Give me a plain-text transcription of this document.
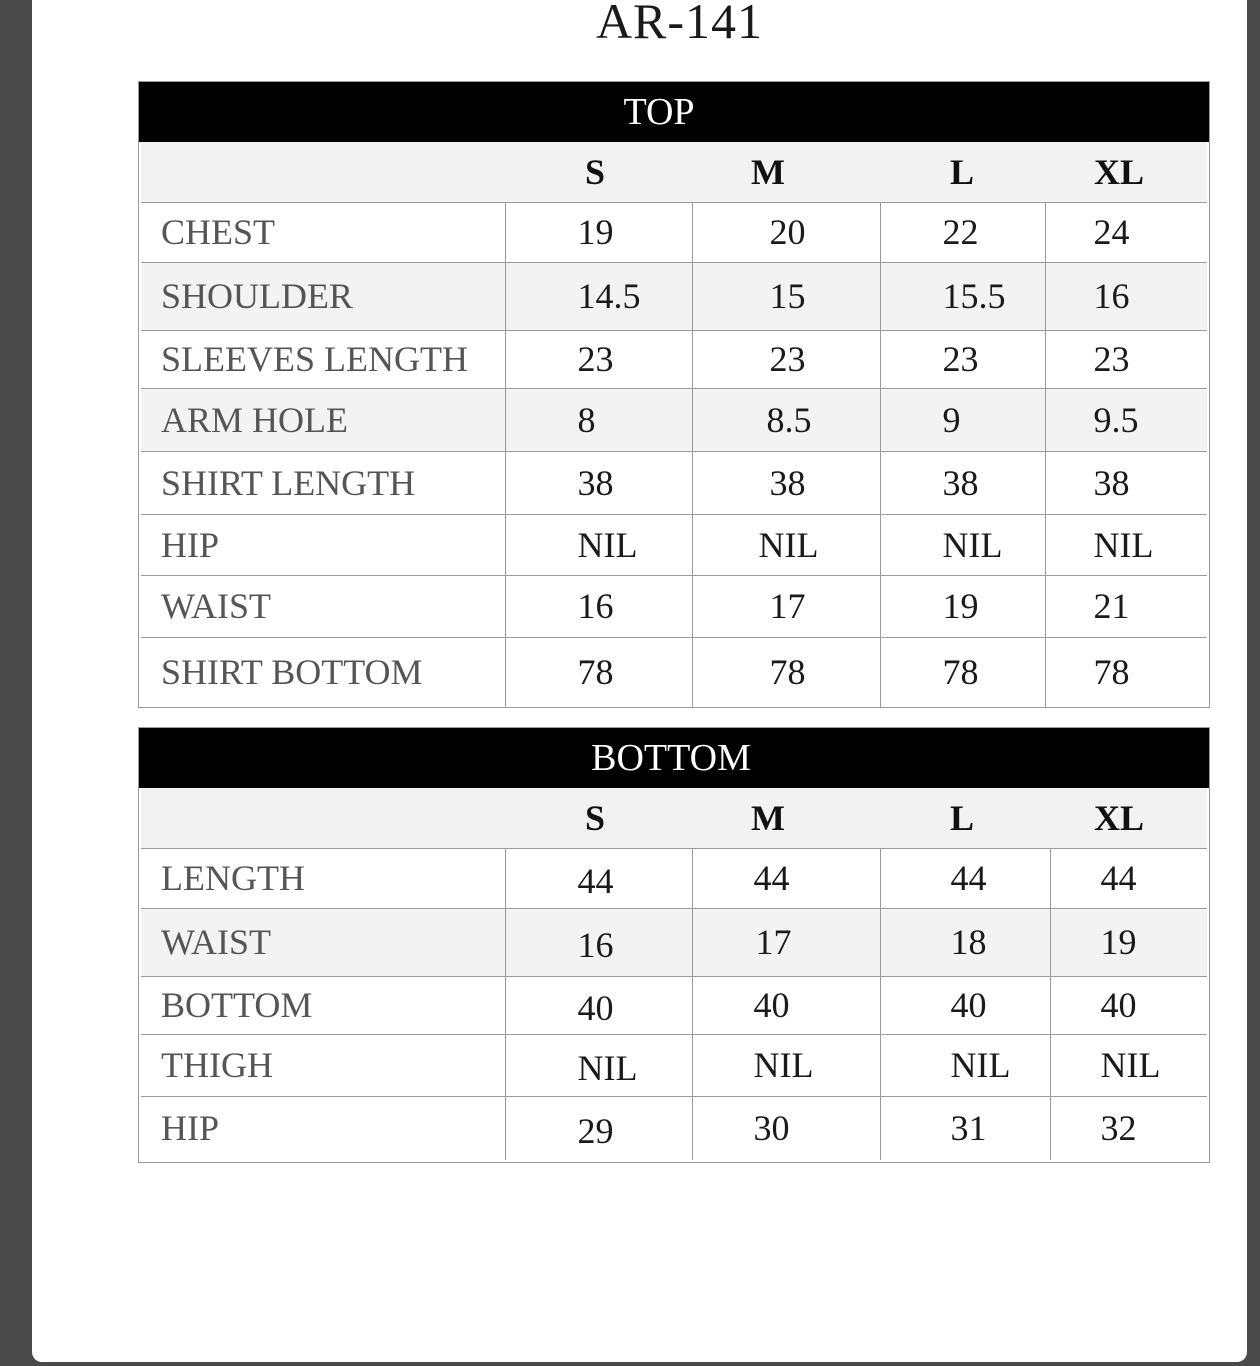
AR-141
TOP
	S	M	L	XL
CHEST	19	20	22	24
SHOULDER	14.5	15	15.5	16
SLEEVES LENGTH	23	23	23	23
ARM HOLE	8	8.5	9	9.5
SHIRT LENGTH	38	38	38	38
HIP	NIL	NIL	NIL	NIL
WAIST	16	17	19	21
SHIRT BOTTOM	78	78	78	78
BOTTOM
	S	M	L	XL
LENGTH	44	44	44	44
WAIST	16	17	18	19
BOTTOM	40	40	40	40
THIGH	NIL	NIL	NIL	NIL
HIP	29	30	31	32
